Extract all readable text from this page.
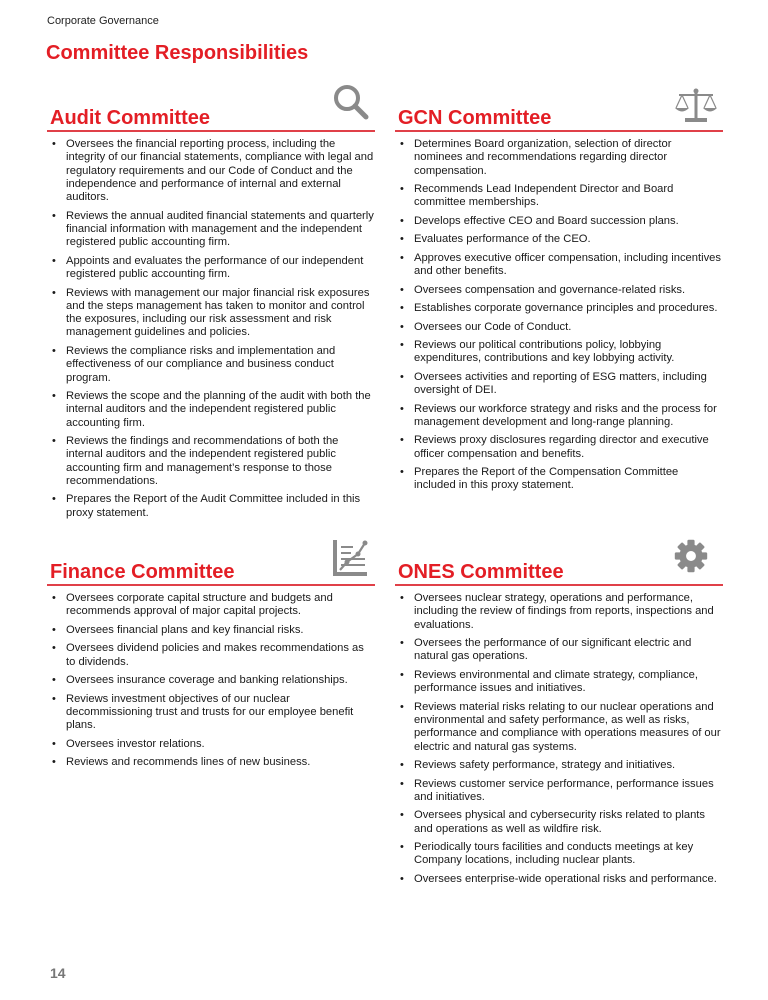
Corporate Governance
Committee Responsibilities
Audit Committee
• Oversees the financial reporting process, including the integrity of our financial statements, compliance with legal and regulatory requirements and our Code of Conduct and the independence and performance of internal and external auditors.
• Reviews the annual audited financial statements and quarterly financial information with management and the independent registered public accounting firm.
• Appoints and evaluates the performance of our independent registered public accounting firm.
• Reviews with management our major financial risk exposures and the steps management has taken to monitor and control the exposures, including our risk assessment and risk management guidelines and policies.
• Reviews the compliance risks and implementation and effectiveness of our compliance and business conduct program.
• Reviews the scope and the planning of the audit with both the internal auditors and the independent registered public accounting firm.
• Reviews the findings and recommendations of both the internal auditors and the independent registered public accounting firm and management’s response to those recommendations.
• Prepares the Report of the Audit Committee included in this proxy statement.
GCN Committee
• Determines Board organization, selection of director nominees and recommendations regarding director compensation.
• Recommends Lead Independent Director and Board committee memberships.
• Develops effective CEO and Board succession plans.
• Evaluates performance of the CEO.
• Approves executive officer compensation, including incentives and other benefits.
• Oversees compensation and governance-related risks.
• Establishes corporate governance principles and procedures.
• Oversees our Code of Conduct.
• Reviews our political contributions policy, lobbying expenditures, contributions and key lobbying activity.
• Oversees activities and reporting of ESG matters, including oversight of DEI.
• Reviews our workforce strategy and risks and the process for management development and long-range planning.
• Reviews proxy disclosures regarding director and executive officer compensation and benefits.
• Prepares the Report of the Compensation Committee included in this proxy statement.
Finance Committee
• Oversees corporate capital structure and budgets and recommends approval of major capital projects.
• Oversees financial plans and key financial risks.
• Oversees dividend policies and makes recommendations as to dividends.
• Oversees insurance coverage and banking relationships.
• Reviews investment objectives of our nuclear decommissioning trust and trusts for our employee benefit plans.
• Oversees investor relations.
• Reviews and recommends lines of new business.
ONES Committee
• Oversees nuclear strategy, operations and performance, including the review of findings from reports, inspections and evaluations.
• Oversees the performance of our significant electric and natural gas operations.
• Reviews environmental and climate strategy, compliance, performance issues and initiatives.
• Reviews material risks relating to our nuclear operations and environmental and safety performance, as well as risks, performance and compliance with operations measures of our electric and natural gas systems.
• Reviews safety performance, strategy and initiatives.
• Reviews customer service performance, performance issues and initiatives.
• Oversees physical and cybersecurity risks related to plants and operations as well as wildfire risk.
• Periodically tours facilities and conducts meetings at key Company locations, including nuclear plants.
• Oversees enterprise-wide operational risks and performance.
14
